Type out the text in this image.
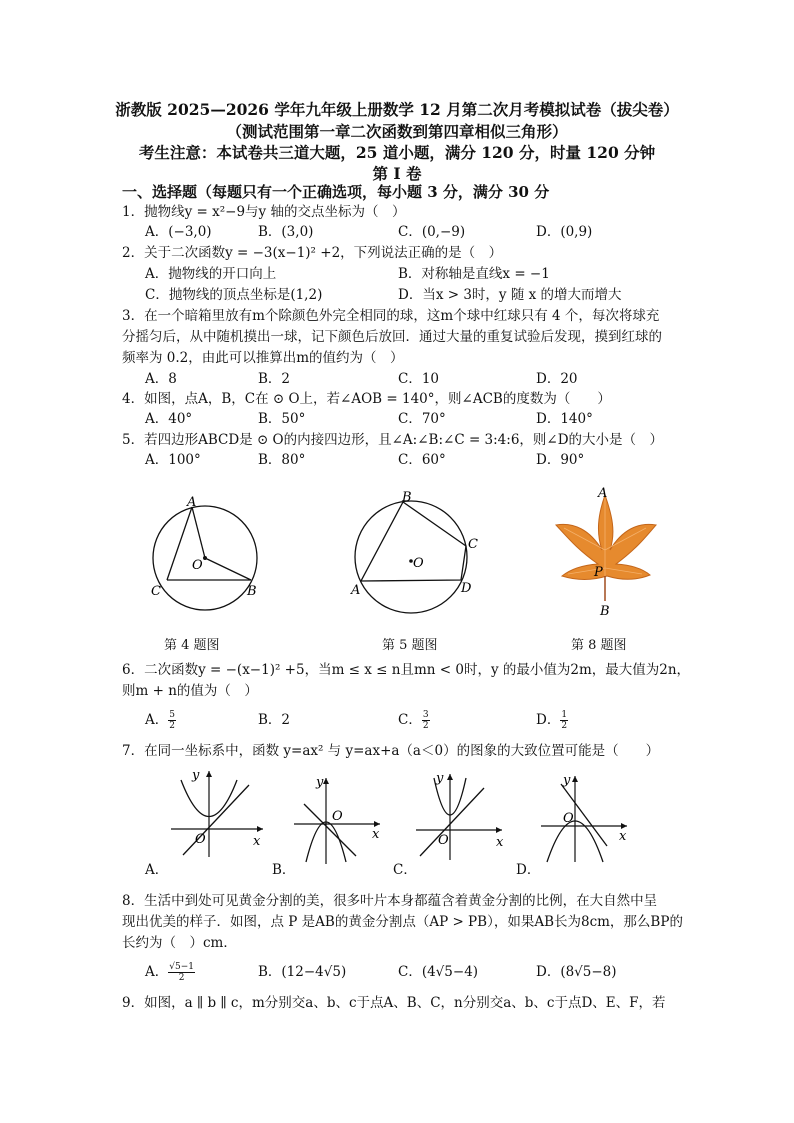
浙教版 2025—2026 学年九年级上册数学 12 月第二次月考模拟试卷（拔尖卷）
（测试范围第一章二次函数到第四章相似三角形）
考生注意：本试卷共三道大题，25 道小题，满分 120 分，时量 120 分钟
第 I 卷
一、选择题（每题只有一个正确选项，每小题 3 分，满分 30 分
1．抛物线y = x²−9与y 轴的交点坐标为（　）
A．(−3,0)	B．(3,0)	C．(0,−9)	D．(0,9)
2．关于二次函数y = −3(x−1)² +2，下列说法正确的是（　）
A．抛物线的开口向上	B．对称轴是直线x = −1
C．抛物线的顶点坐标是(1,2)	D．当x > 3时，y 随 x 的增大而增大
3．在一个暗箱里放有m个除颜色外完全相同的球，这m个球中红球只有 4 个，每次将球充
分摇匀后，从中随机摸出一球，记下颜色后放回．通过大量的重复试验后发现，摸到红球的
频率为 0.2，由此可以推算出m的值约为（　）
A．8	B．2	C．10	D．20
4．如图，点A，B，C在 ⊙ O上，若∠AOB = 140°，则∠ACB的度数为（　　）
A．40°	B．50°	C．70°	D．140°
5．若四边形ABCD是 ⊙ O的内接四边形，且∠A:∠B:∠C = 3:4:6，则∠D的大小是（　）
A．100°	B．80°	C．60°	D．90°
A
O
C	B
B
C
D
A
O
A
P
B
第 4 题图	第 5 题图	第 8 题图
6．二次函数y = −(x−1)² +5，当m ≤ x ≤ n且mn < 0时，y 的最小值为2m，最大值为2n，
则m + n的值为（　）
A． $\frac{5}{2}$	B．2	C． $\frac{3}{2}$	D． $\frac{1}{2}$
7．在同一坐标系中，函数 y=ax² 与 y=ax+a（a＜0）的图象的大致位置可能是（　　）
y
x
O
A．
y
x
O
B．
y
x
O
C．
y
x
O
D．
8．生活中到处可见黄金分割的美，很多叶片本身都蕴含着黄金分割的比例，在大自然中呈
现出优美的样子．如图，点 P 是AB的黄金分割点（AP > PB），如果AB长为8cm，那么BP的
长约为（　）cm．
A． $\frac{√5-1}{2}$	B．(12−4√5)	C．(4√5−4)	D．(8√5−8)
9．如图，a ∥ b ∥ c，m分别交a、b、c于点A、B、C，n分别交a、b、c于点D、E、F，若
